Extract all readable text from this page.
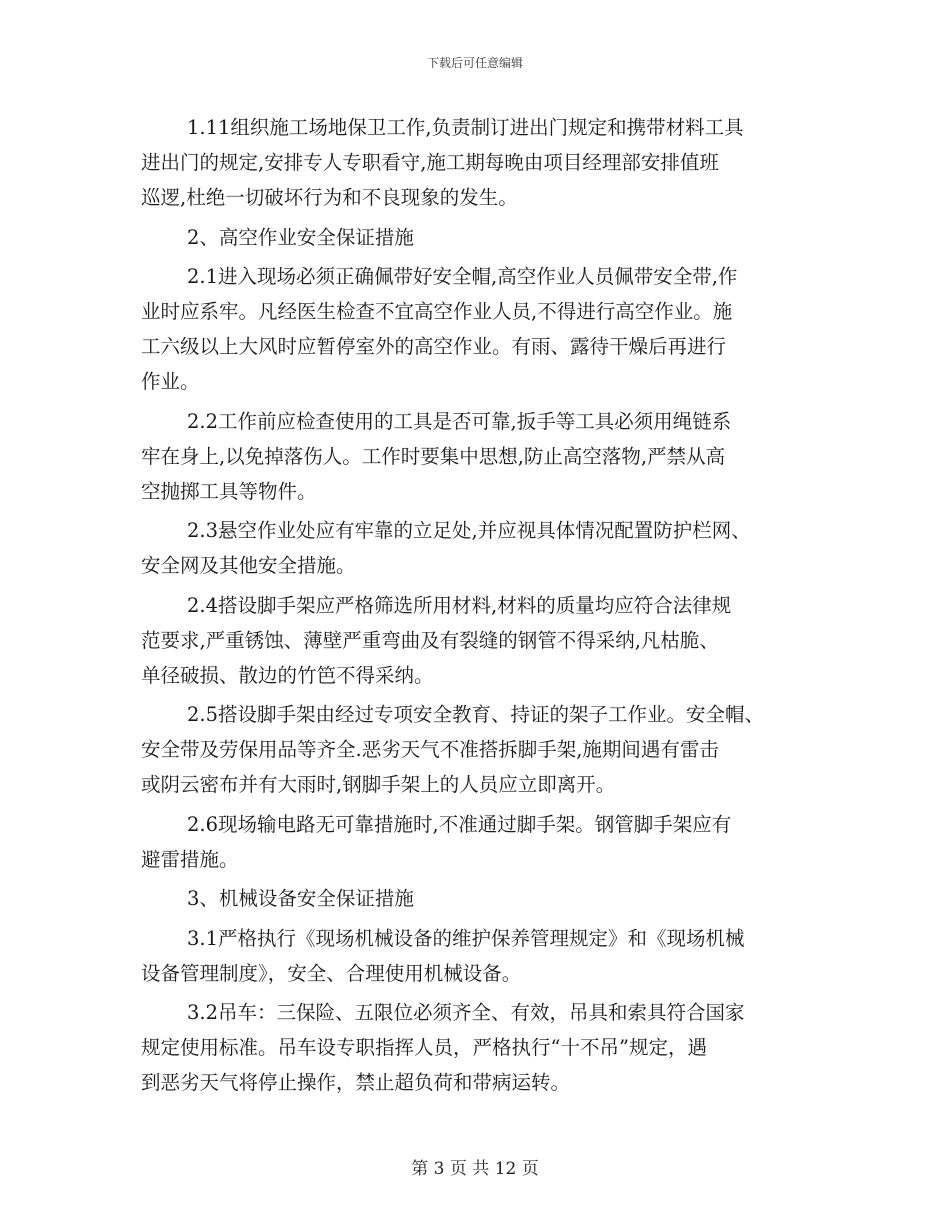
下载后可任意编辑
1.11组织施工场地保卫工作,负责制订进出门规定和携带材料工具
进出门的规定,安排专人专职看守,施工期每晚由项目经理部安排值班
巡逻,杜绝一切破坏行为和不良现象的发生。
2、高空作业安全保证措施
2.1进入现场必须正确佩带好安全帽,高空作业人员佩带安全带,作
业时应系牢。凡经医生检查不宜高空作业人员,不得进行高空作业。施
工六级以上大风时应暂停室外的高空作业。有雨、露待干燥后再进行
作业。
2.2工作前应检查使用的工具是否可靠,扳手等工具必须用绳链系
牢在身上,以免掉落伤人。工作时要集中思想,防止高空落物,严禁从高
空抛掷工具等物件。
2.3悬空作业处应有牢靠的立足处,并应视具体情况配置防护栏网、
安全网及其他安全措施。
2.4搭设脚手架应严格筛选所用材料,材料的质量均应符合法律规
范要求,严重锈蚀、薄壁严重弯曲及有裂缝的钢管不得采纳,凡枯脆、
单径破损、散边的竹笆不得采纳。
2.5搭设脚手架由经过专项安全教育、持证的架子工作业。安全帽、
安全带及劳保用品等齐全.恶劣天气不准搭拆脚手架,施期间遇有雷击
或阴云密布并有大雨时,钢脚手架上的人员应立即离开。
2.6现场输电路无可靠措施时,不准通过脚手架。钢管脚手架应有
避雷措施。
3、机械设备安全保证措施
3.1严格执行《现场机械设备的维护保养管理规定》和《现场机械
设备管理制度》，安全、合理使用机械设备。
3.2吊车：三保险、五限位必须齐全、有效，吊具和索具符合国家
规定使用标准。吊车设专职指挥人员，严格执行“十不吊”规定，遇
到恶劣天气将停止操作，禁止超负荷和带病运转。
第 3 页 共 12 页
